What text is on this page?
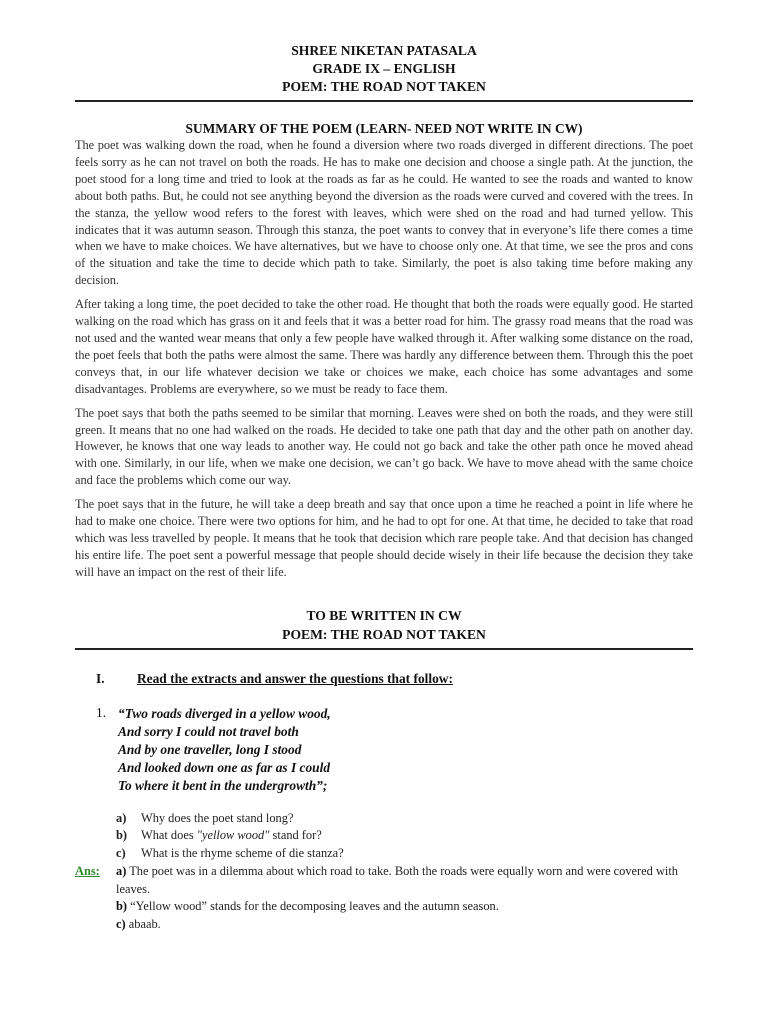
SHREE NIKETAN PATASALA
GRADE IX – ENGLISH
POEM: THE ROAD NOT TAKEN
SUMMARY OF THE POEM (LEARN- NEED NOT WRITE IN CW)

The poet was walking down the road, when he found a diversion where two roads diverged in different directions. The poet feels sorry as he can not travel on both the roads. He has to make one decision and choose a single path. At the junction, the poet stood for a long time and tried to look at the roads as far as he could. He wanted to see the roads and wanted to know about both paths. But, he could not see anything beyond the diversion as the roads were curved and covered with the trees. In the stanza, the yellow wood refers to the forest with leaves, which were shed on the road and had turned yellow. This indicates that it was autumn season. Through this stanza, the poet wants to convey that in everyone’s life there comes a time when we have to make choices. We have alternatives, but we have to choose only one. At that time, we see the pros and cons of the situation and take the time to decide which path to take. Similarly, the poet is also taking time before making any decision.

After taking a long time, the poet decided to take the other road. He thought that both the roads were equally good. He started walking on the road which has grass on it and feels that it was a better road for him. The grassy road means that the road was not used and the wanted wear means that only a few people have walked through it. After walking some distance on the road, the poet feels that both the paths were almost the same. There was hardly any difference between them. Through this the poet conveys that, in our life whatever decision we take or choices we make, each choice has some advantages and some disadvantages. Problems are everywhere, so we must be ready to face them.

The poet says that both the paths seemed to be similar that morning. Leaves were shed on both the roads, and they were still green. It means that no one had walked on the roads. He decided to take one path that day and the other path on another day. However, he knows that one way leads to another way. He could not go back and take the other path once he moved ahead with one. Similarly, in our life, when we make one decision, we can’t go back. We have to move ahead with the same choice and face the problems which come our way.

The poet says that in the future, he will take a deep breath and say that once upon a time he reached a point in life where he had to make one choice. There were two options for him, and he had to opt for one. At that time, he decided to take that road which was less travelled by people. It means that he took that decision which rare people take. And that decision has changed his entire life. The poet sent a powerful message that people should decide wisely in their life because the decision they take will have an impact on the rest of their life.

TO BE WRITTEN IN CW
POEM: THE ROAD NOT TAKEN
I.	Read the extracts and answer the questions that follow:
1. “Two roads diverged in a yellow wood,
And sorry I could not travel both
And by one traveller, long I stood
And looked down one as far as I could
To where it bent in the undergrowth”;
a)	Why does the poet stand long?
b)	What does "yellow wood" stand for?
c)	What is the rhyme scheme of die stanza?
Ans:	a) The poet was in a dilemma about which road to take. Both the roads were equally worn and were covered with leaves.
b) “Yellow wood” stands for the decomposing leaves and the autumn season.
c) abaab.
